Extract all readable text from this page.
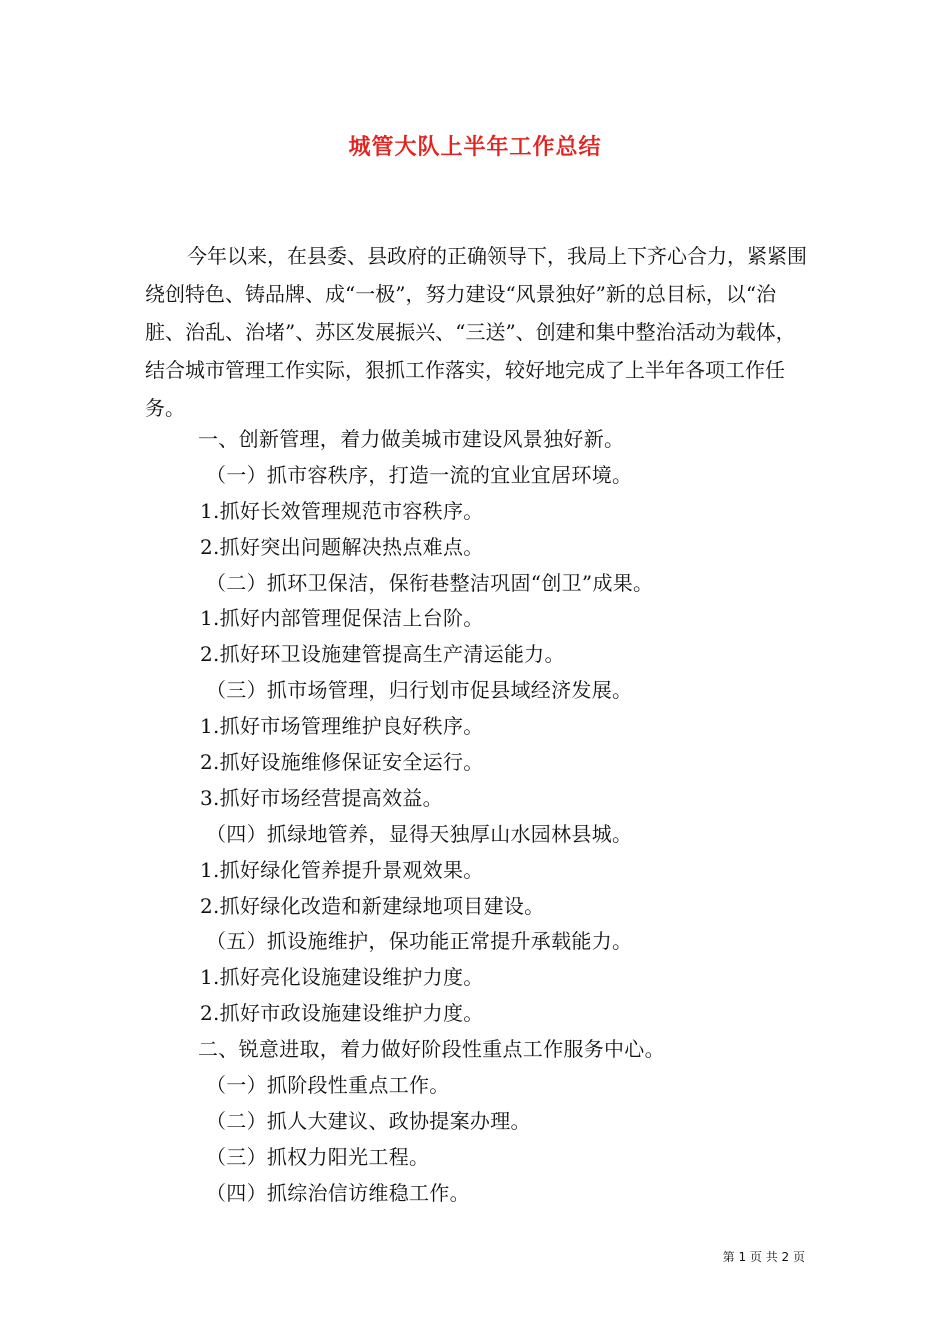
城管大队上半年工作总结

今年以来，在县委、县政府的正确领导下，我局上下齐心合力，紧紧围绕创特色、铸品牌、成“一极”，努力建设“风景独好”新的总目标，以“治脏、治乱、治堵”、苏区发展振兴、“三送”、创建和集中整治活动为载体，结合城市管理工作实际，狠抓工作落实，较好地完成了上半年各项工作任务。

一、创新管理，着力做美城市建设风景独好新。
（一）抓市容秩序，打造一流的宜业宜居环境。
1.抓好长效管理规范市容秩序。
2.抓好突出问题解决热点难点。
（二）抓环卫保洁，保衔巷整洁巩固“创卫”成果。
1.抓好内部管理促保洁上台阶。
2.抓好环卫设施建管提高生产清运能力。
（三）抓市场管理，归行划市促县域经济发展。
1.抓好市场管理维护良好秩序。
2.抓好设施维修保证安全运行。
3.抓好市场经营提高效益。
（四）抓绿地管养，显得天独厚山水园林县城。
1.抓好绿化管养提升景观效果。
2.抓好绿化改造和新建绿地项目建设。
（五）抓设施维护，保功能正常提升承载能力。
1.抓好亮化设施建设维护力度。
2.抓好市政设施建设维护力度。
二、锐意进取，着力做好阶段性重点工作服务中心。
（一）抓阶段性重点工作。
（二）抓人大建议、政协提案办理。
（三）抓权力阳光工程。
（四）抓综治信访维稳工作。
第 1 页 共 2 页
